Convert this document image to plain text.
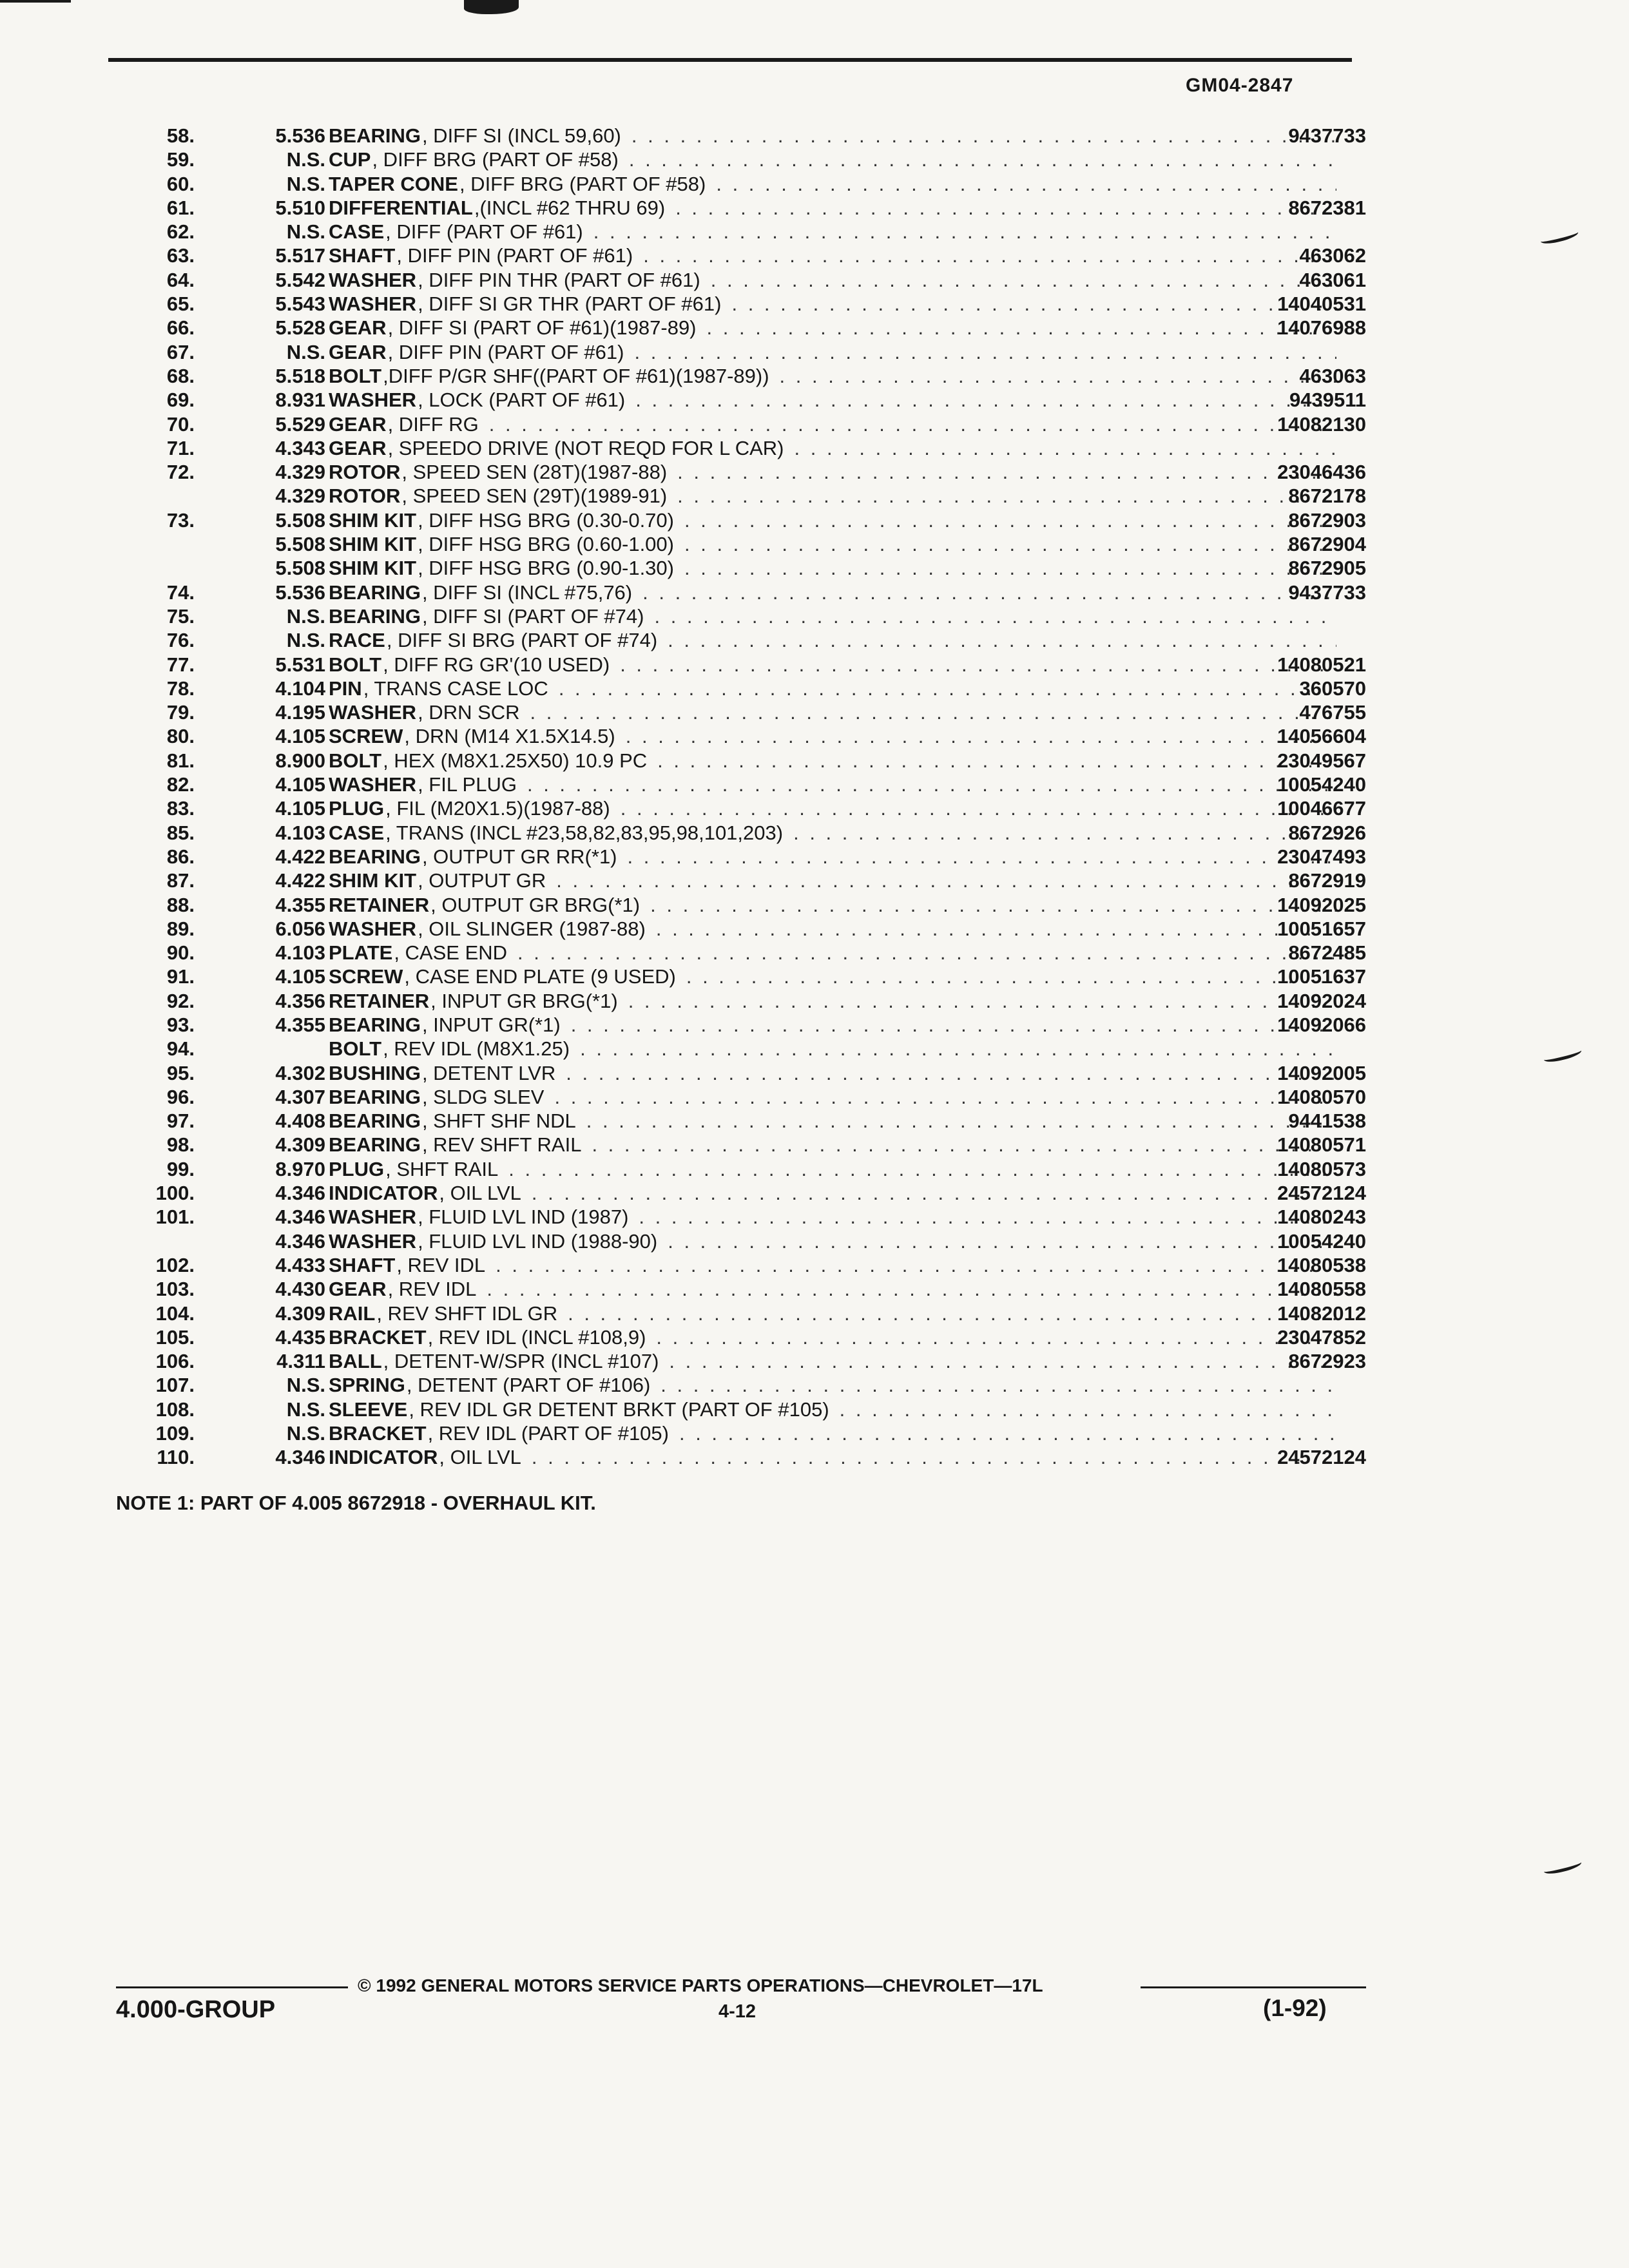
GM04-2847
58.	5.536 BEARING , DIFF SI (INCL 59,60) . . .	9437733
59.	N.S. CUP , DIFF BRG (PART OF #58)
. . .
60.	N.S. TAPER CONE , DIFF BRG (PART OF #58)
. . .
61.	5.510 DIFFERENTIAL ,(INCL #62 THRU 69) . . .	8672381
62.	N.S. CASE , DIFF (PART OF #61)
. . .
63.	5.517 SHAFT , DIFF PIN (PART OF #61) . . .	463062
64.	5.542 WASHER , DIFF PIN THR (PART OF #61) . . .	463061
65.	5.543 WASHER , DIFF SI GR THR (PART OF #61) . . .	14040531
66.	5.528 GEAR , DIFF SI (PART OF #61)(1987-89) . . .	14076988
67.	N.S. GEAR , DIFF PIN (PART OF #61)
. . .
68.	5.518 BOLT ,DIFF P/GR SHF((PART OF #61)(1987-89)) . . .	463063
69.	8.931 WASHER , LOCK (PART OF #61) . . .	9439511
70.	5.529 GEAR , DIFF RG . . .	14082130
71.	4.343 GEAR , SPEEDO DRIVE (NOT REQD FOR L CAR)
. . .
72.	4.329 ROTOR , SPEED SEN (28T)(1987-88) . . .	23046436
4.329 ROTOR , SPEED SEN (29T)(1989-91) . . .	8672178
73.	5.508 SHIM KIT , DIFF HSG BRG (0.30-0.70) . . .	8672903
5.508 SHIM KIT , DIFF HSG BRG (0.60-1.00) . . .	8672904
5.508 SHIM KIT , DIFF HSG BRG (0.90-1.30) . . .	8672905
74.	5.536 BEARING , DIFF SI (INCL #75,76) . . .	9437733
75.	N.S. BEARING , DIFF SI (PART OF #74)
. . .
76.	N.S. RACE , DIFF SI BRG (PART OF #74)
. . .
77.	5.531 BOLT , DIFF RG GR'(10 USED) . . .	14080521
78.	4.104 PIN , TRANS CASE LOC . . .	360570
79.	4.195 WASHER , DRN SCR . . .	476755
80.	4.105 SCREW , DRN (M14 X1.5X14.5) . . .	14056604
81.	8.900 BOLT , HEX (M8X1.25X50) 10.9 PC . . .	23049567
82.	4.105 WASHER , FIL PLUG . . .	10054240
83.	4.105 PLUG , FIL (M20X1.5)(1987-88) . . .	10046677
85.	4.103 CASE , TRANS (INCL #23,58,82,83,95,98,101,203) . . .	8672926
86.	4.422 BEARING , OUTPUT GR RR(*1) . . .	23047493
87.	4.422 SHIM KIT , OUTPUT GR . . .	8672919
88.	4.355 RETAINER , OUTPUT GR BRG(*1) . . .	14092025
89.	6.056 WASHER , OIL SLINGER (1987-88) . . .	10051657
90.	4.103 PLATE , CASE END . . .	8672485
91.	4.105 SCREW , CASE END PLATE (9 USED) . . .	10051637
92.	4.356 RETAINER , INPUT GR BRG(*1) . . .	14092024
93.	4.355 BEARING , INPUT GR(*1) . . .	14092066
94.	BOLT , REV IDL (M8X1.25)
. . .
95.	4.302 BUSHING , DETENT LVR . . .	14092005
96.	4.307 BEARING , SLDG SLEV . . .	14080570
97.	4.408 BEARING , SHFT SHF NDL . . .	9441538
98.	4.309 BEARING , REV SHFT RAIL . . .	14080571
99.	8.970 PLUG , SHFT RAIL . . .	14080573
100.	4.346 INDICATOR , OIL LVL . . .	24572124
101.	4.346 WASHER , FLUID LVL IND (1987) . . .	14080243
4.346 WASHER , FLUID LVL IND (1988-90) . . .	10054240
102.	4.433 SHAFT , REV IDL . . .	14080538
103.	4.430 GEAR , REV IDL . . .	14080558
104.	4.309 RAIL , REV SHFT IDL GR . . .	14082012
105.	4.435 BRACKET , REV IDL (INCL #108,9) . . .	23047852
106.	4.311 BALL , DETENT-W/SPR (INCL #107) . . .	8672923
107.	N.S. SPRING , DETENT (PART OF #106)
. . .
108.	N.S. SLEEVE , REV IDL GR DETENT BRKT (PART OF #105)
. . .
109.	N.S. BRACKET , REV IDL (PART OF #105)
. . .
110.	4.346 INDICATOR , OIL LVL . . .	24572124
NOTE 1: PART OF 4.005 8672918 - OVERHAUL KIT.
© 1992 GENERAL MOTORS SERVICE PARTS OPERATIONS—CHEVROLET—17L
4.000-GROUP	4-12	(1-92)
